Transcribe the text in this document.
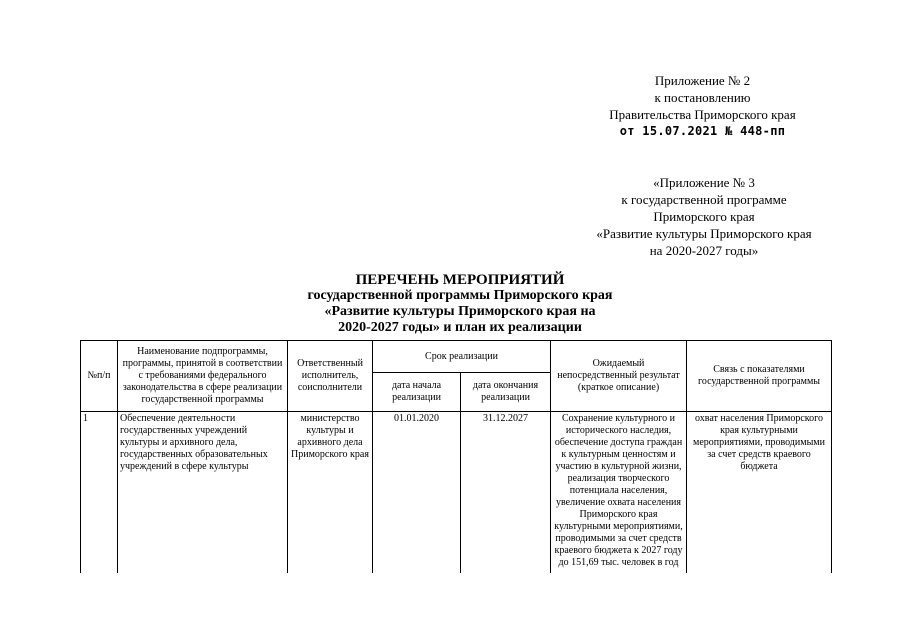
Приложение № 2
к постановлению
Правительства Приморского края
от 15.07.2021 № 448-пп
«Приложение № 3
к государственной программе
Приморского края
«Развитие культуры Приморского края
на 2020-2027 годы»
ПЕРЕЧЕНЬ МЕРОПРИЯТИЙ
государственной программы Приморского края
«Развитие культуры Приморского края на
2020-2027 годы» и план их реализации
№п/п	Наименование подпрограммы, программы, принятой в соответствии с требованиями федерального законодательства в сфере реализации государственной программы	Ответственный исполнитель, соисполнители	Срок реализации		Ожидаемый непосредственный результат (краткое описание)	Связь с показателями государственной программы
			дата начала реализации	дата окончания реализации		
1	Обеспечение деятельности государственных учреждений культуры и архивного дела, государственных образовательных учреждений в сфере культуры	министерство культуры и архивного дела Приморского края	01.01.2020	31.12.2027	Сохранение культурного и исторического наследия, обеспечение доступа граждан к культурным ценностям и участию в культурной жизни, реализация творческого потенциала населения, увеличение охвата населения Приморского края культурными мероприятиями, проводимыми за счет средств краевого бюджета к 2027 году до 151,69 тыс. человек в год	охват населения Приморского края культурными мероприятиями, проводимыми за счет средств краевого бюджета
